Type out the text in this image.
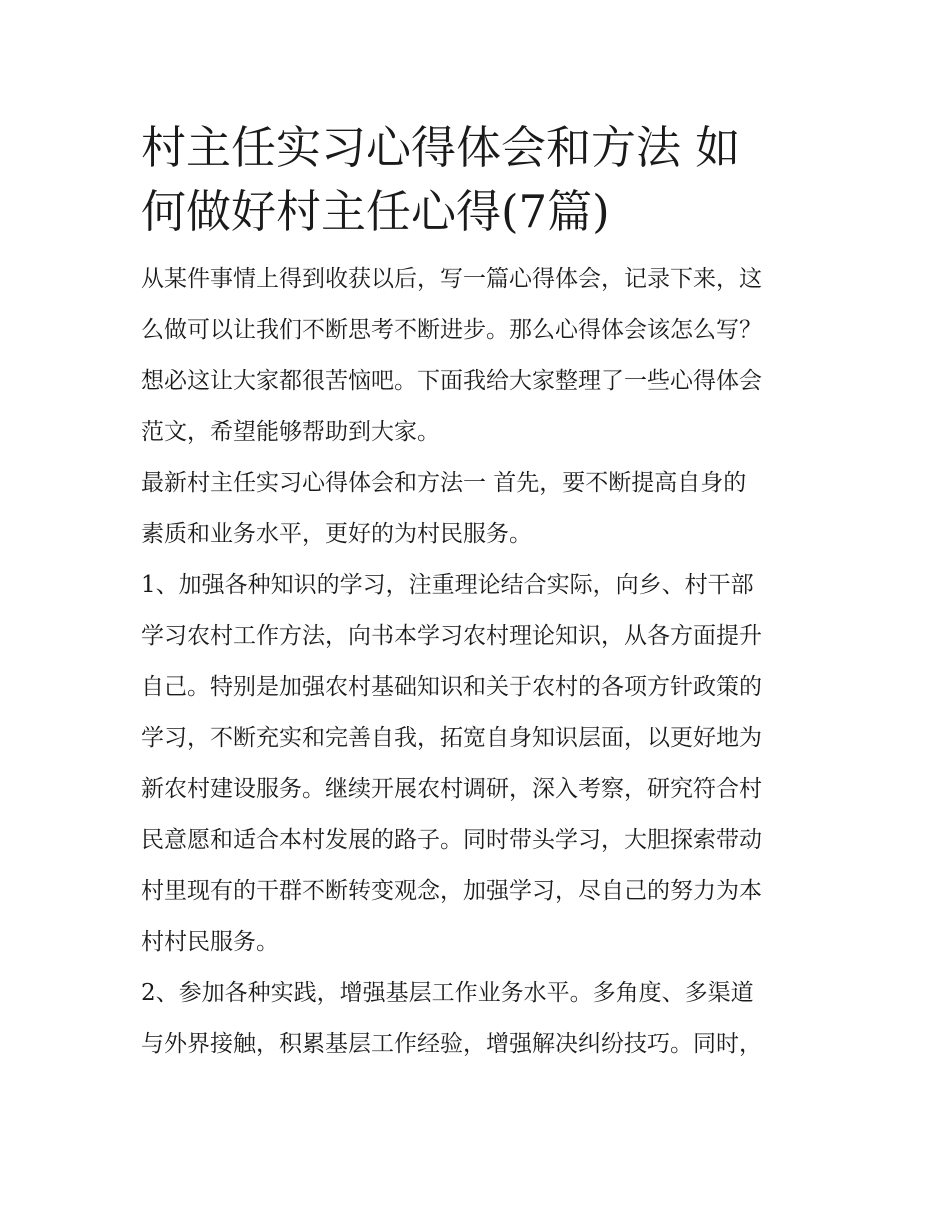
村主任实习心得体会和方法 如
何做好村主任心得(7篇)

从某件事情上得到收获以后，写一篇心得体会，记录下来，这
么做可以让我们不断思考不断进步。那么心得体会该怎么写？
想必这让大家都很苦恼吧。下面我给大家整理了一些心得体会
范文，希望能够帮助到大家。

最新村主任实习心得体会和方法一 首先，要不断提高自身的
素质和业务水平，更好的为村民服务。

1、加强各种知识的学习，注重理论结合实际，向乡、村干部
学习农村工作方法，向书本学习农村理论知识，从各方面提升
自己。特别是加强农村基础知识和关于农村的各项方针政策的
学习，不断充实和完善自我，拓宽自身知识层面，以更好地为
新农村建设服务。继续开展农村调研，深入考察，研究符合村
民意愿和适合本村发展的路子。同时带头学习，大胆探索带动
村里现有的干群不断转变观念，加强学习，尽自己的努力为本
村村民服务。

2、参加各种实践，增强基层工作业务水平。多角度、多渠道
与外界接触，积累基层工作经验，增强解决纠纷技巧。同时，
